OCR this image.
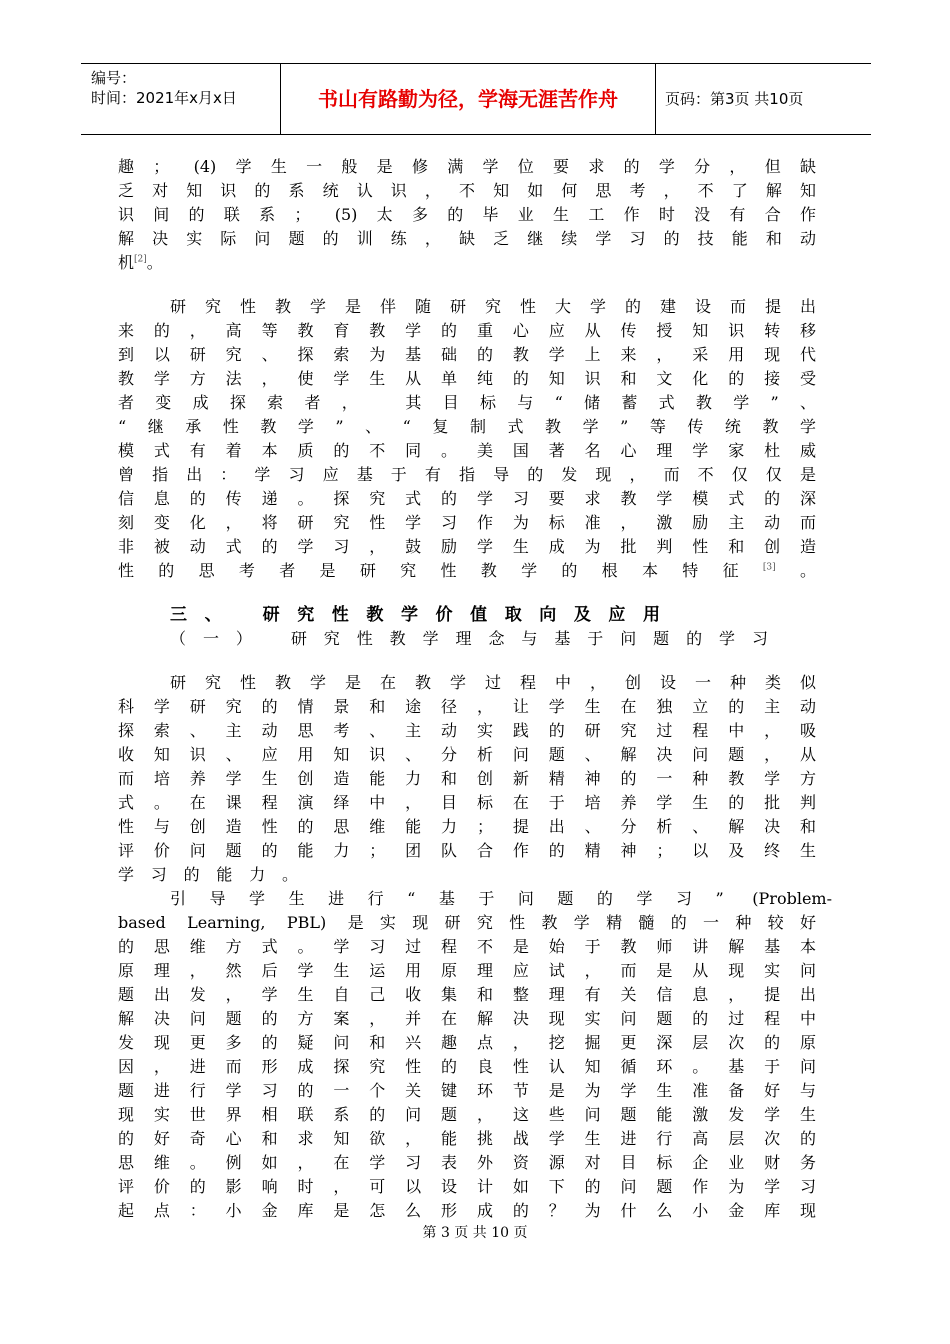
编号：
时间：2021年x月x日	书山有路勤为径，学海无涯苦作舟	页码：第3页 共10页
趣； (4)学生一般是修满学位要求的学分，但缺
乏对知识的系统认识，不知如何思考，不了解知
识间的联系； (5)太多的毕业生工作时没有合作
解决实际问题的训练，缺乏继续学习的技能和动
机[2]。
研究性教学是伴随研究性大学的建设而提出
来的，高等教育教学的重心应从传授知识转移
到以研究、探索为基础的教学上来，采用现代
教学方法，使学生从单纯的知识和文化的接受
者变成探索者， 其目标与“储蓄式教学”、
“继承性教学”、“复制式教学”等传统教学
模式有着本质的不同。美国著名心理学家杜威
曾指出：学习应基于有指导的发现，而不仅仅是
信息的传递。探究式的学习要求教学模式的深
刻变化，将研究性学习作为标准，激励主动而
非被动式的学习，鼓励学生成为批判性和创造
性的思考者是研究性教学的根本特征[3]。
三、 研究性教学价值取向及应用
（一） 研究性教学理念与基于问题的学习
研究性教学是在教学过程中，创设一种类似
科学研究的情景和途径，让学生在独立的主动
探索、主动思考、主动实践的研究过程中，吸
收知识、应用知识、分析问题、解决问题，从
而培养学生创造能力和创新精神的一种教学方
式。在课程演绎中，目标在于培养学生的批判
性与创造性的思维能力；提出、分析、解决和
评价问题的能力；团队合作的精神；以及终生
学习的能力。
引导学生进行“基于问题的学习” (Problem-
based Learning, PBL) 是实现研究性教学精髓的一种较好
的思维方式。学习过程不是始于教师讲解基本
原理，然后学生运用原理应试，而是从现实问
题出发，学生自己收集和整理有关信息，提出
解决问题的方案，并在解决现实问题的过程中
发现更多的疑问和兴趣点，挖掘更深层次的原
因，进而形成探究性的良性认知循环。基于问
题进行学习的一个关键环节是为学生准备好与
现实世界相联系的问题，这些问题能激发学生
的好奇心和求知欲，能挑战学生进行高层次的
思维。例如，在学习表外资源对目标企业财务
评价的影响时，可以设计如下的问题作为学习
起点：小金库是怎么形成的？为什么小金库现
第 3 页 共 10 页
